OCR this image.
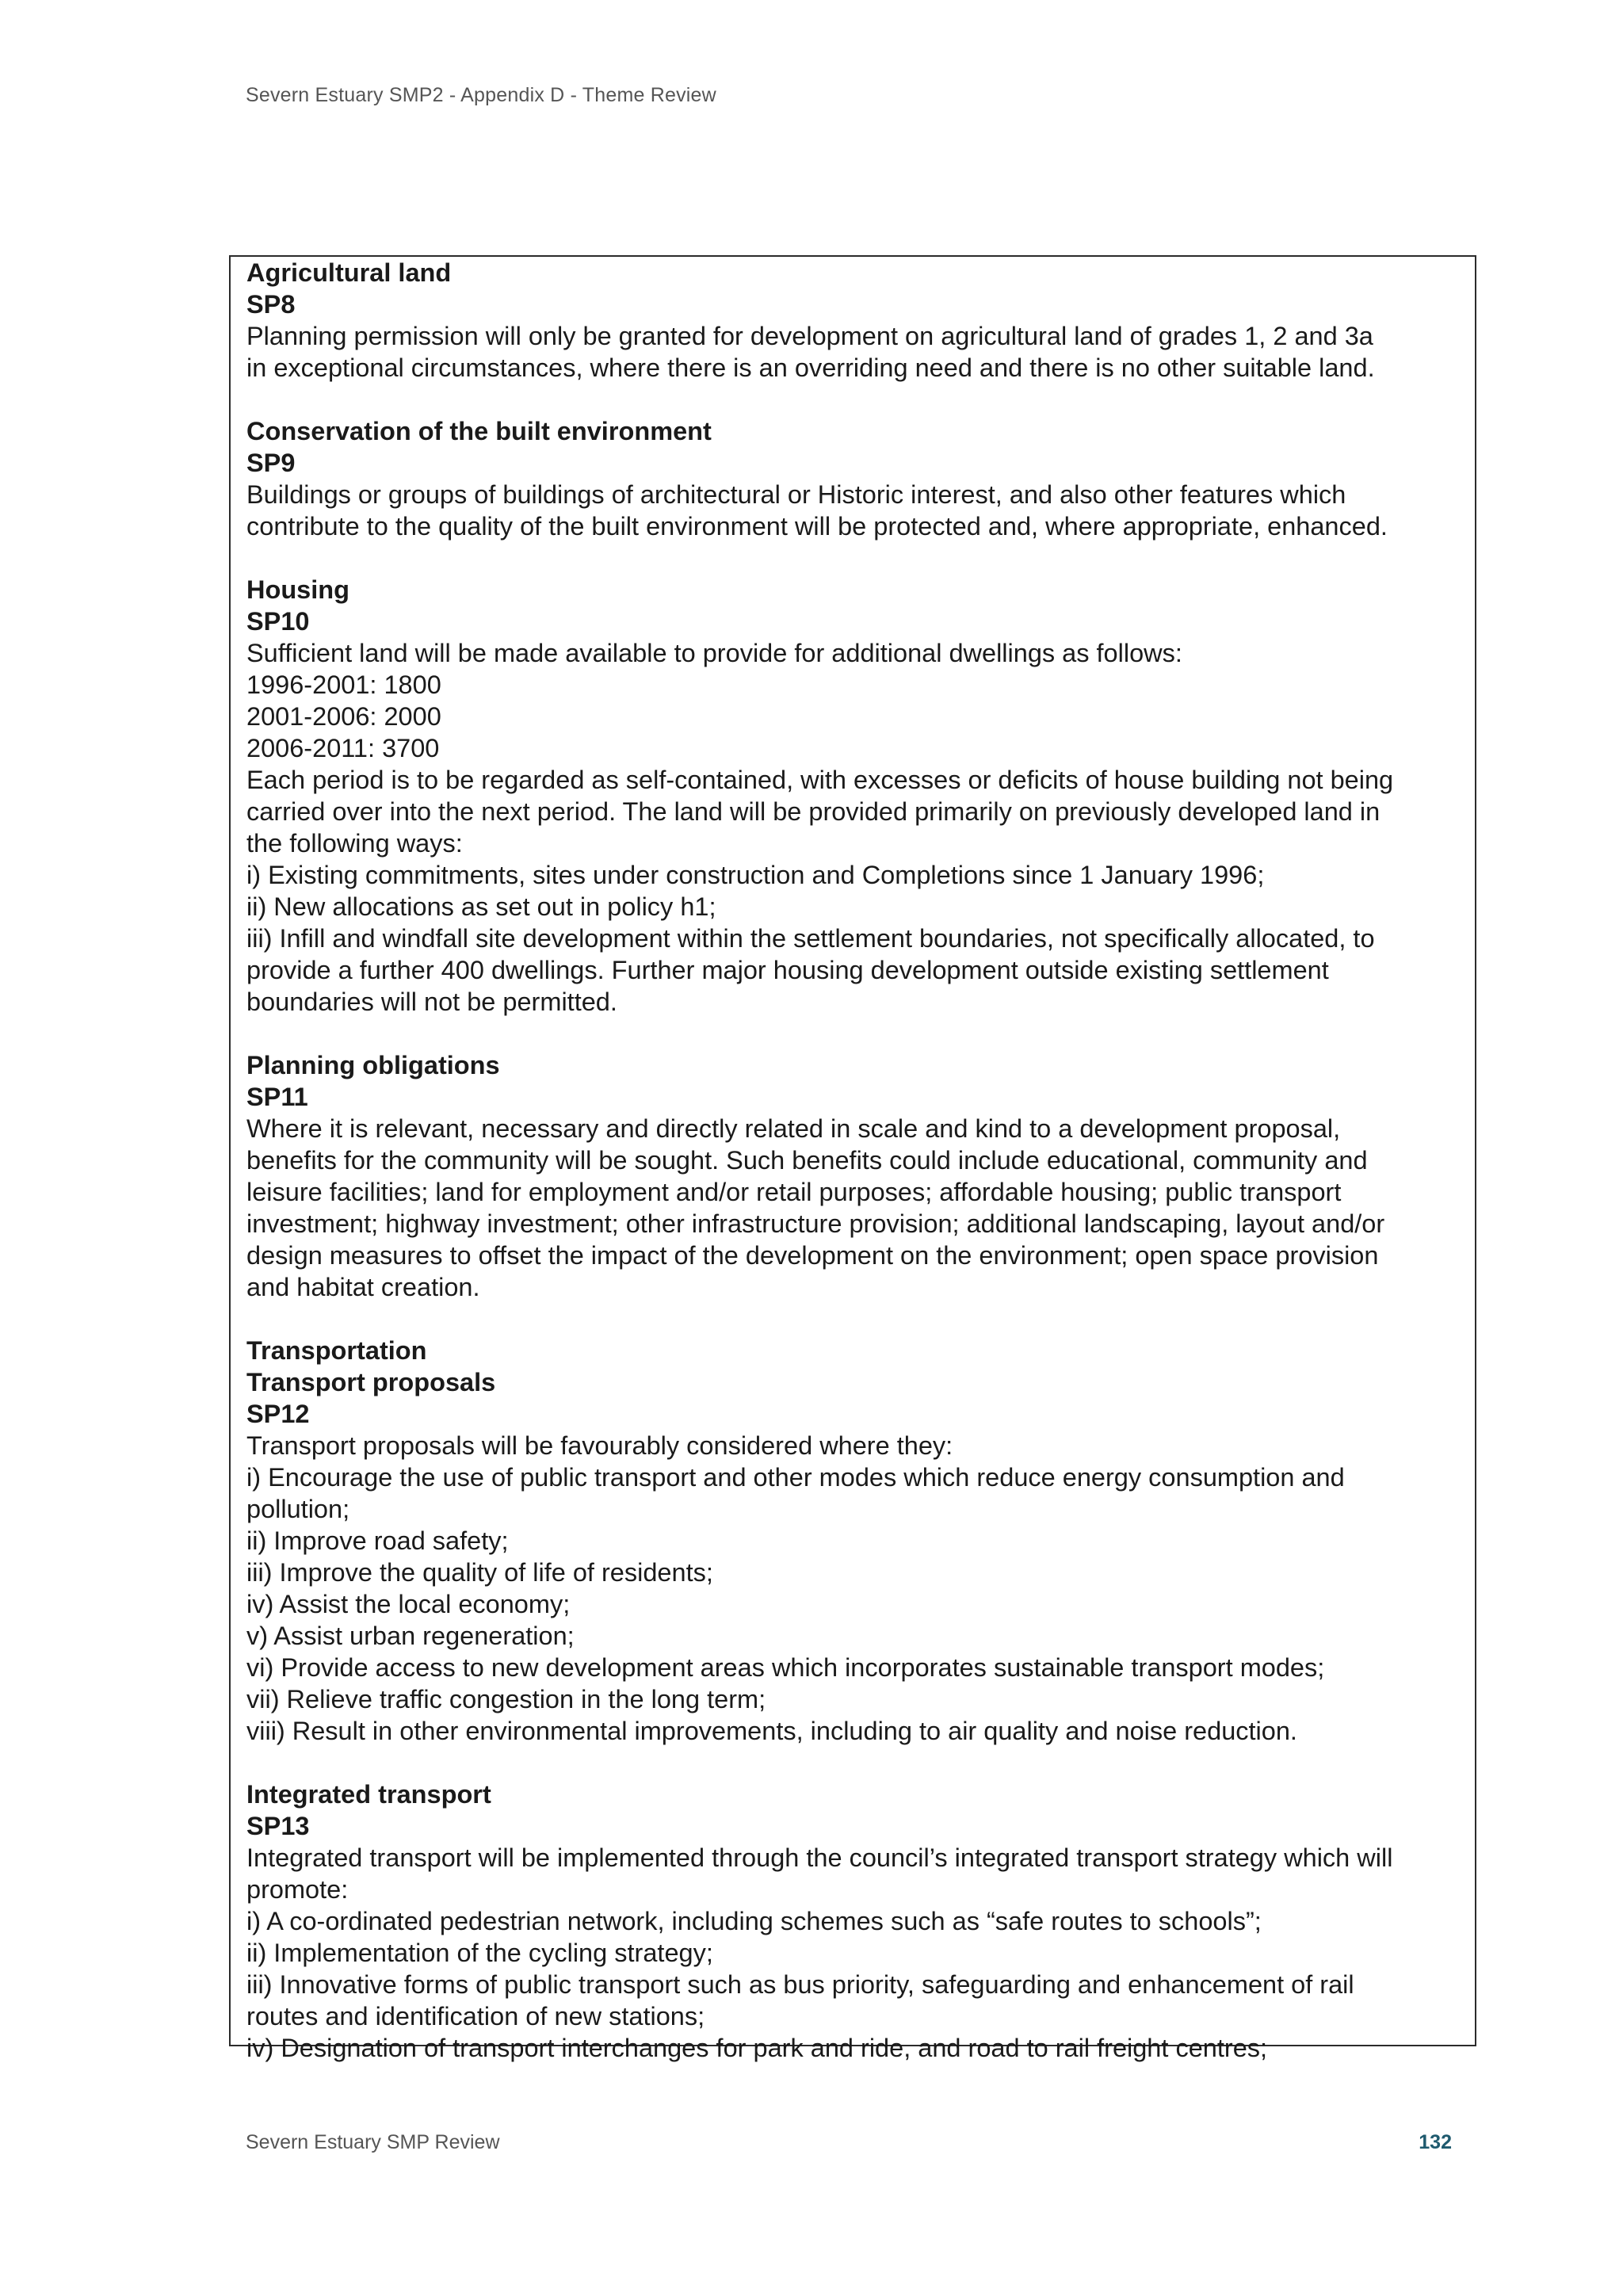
Severn Estuary SMP2 - Appendix D - Theme Review

Agricultural land

SP8

Planning permission will only be granted for development on agricultural land of grades 1, 2 and 3a

in exceptional circumstances, where there is an overriding need and there is no other suitable land.

Conservation of the built environment

SP9

Buildings or groups of buildings of architectural or Historic interest, and also other features which

contribute to the quality of the built environment will be protected and, where appropriate, enhanced.

Housing

SP10

Sufficient land will be made available to provide for additional dwellings as follows:

1996-2001: 1800

2001-2006: 2000

2006-2011: 3700

Each period is to be regarded as self-contained, with excesses or deficits of house building not being

carried over into the next period. The land will be provided primarily on previously developed land in

the following ways:

i) Existing commitments, sites under construction and Completions since 1 January 1996;

ii) New allocations as set out in policy h1;

iii) Infill and windfall site development within the settlement boundaries, not specifically allocated, to

provide a further 400 dwellings. Further major housing development outside existing settlement

boundaries will not be permitted.

Planning obligations

SP11

Where it is relevant, necessary and directly related in scale and kind to a development proposal,

benefits for the community will be sought. Such benefits could include educational, community and

leisure facilities; land for employment and/or retail purposes; affordable housing; public transport

investment; highway investment; other infrastructure provision; additional landscaping, layout and/or

design measures to offset the impact of the development on the environment; open space provision

and habitat creation.

Transportation

Transport proposals

SP12

Transport proposals will be favourably considered where they:

i) Encourage the use of public transport and other modes which reduce energy consumption and

pollution;

ii) Improve road safety;

iii) Improve the quality of life of residents;

iv) Assist the local economy;

v) Assist urban regeneration;

vi) Provide access to new development areas which incorporates sustainable transport modes;

vii) Relieve traffic congestion in the long term;

viii) Result in other environmental improvements, including to air quality and noise reduction.

Integrated transport

SP13

Integrated transport will be implemented through the council’s integrated transport strategy which will

promote:

i) A co-ordinated pedestrian network, including schemes such as “safe routes to schools”;

ii) Implementation of the cycling strategy;

iii) Innovative forms of public transport such as bus priority, safeguarding and enhancement of rail

routes and identification of new stations;

iv) Designation of transport interchanges for park and ride, and road to rail freight centres;

Severn Estuary SMP Review	132
